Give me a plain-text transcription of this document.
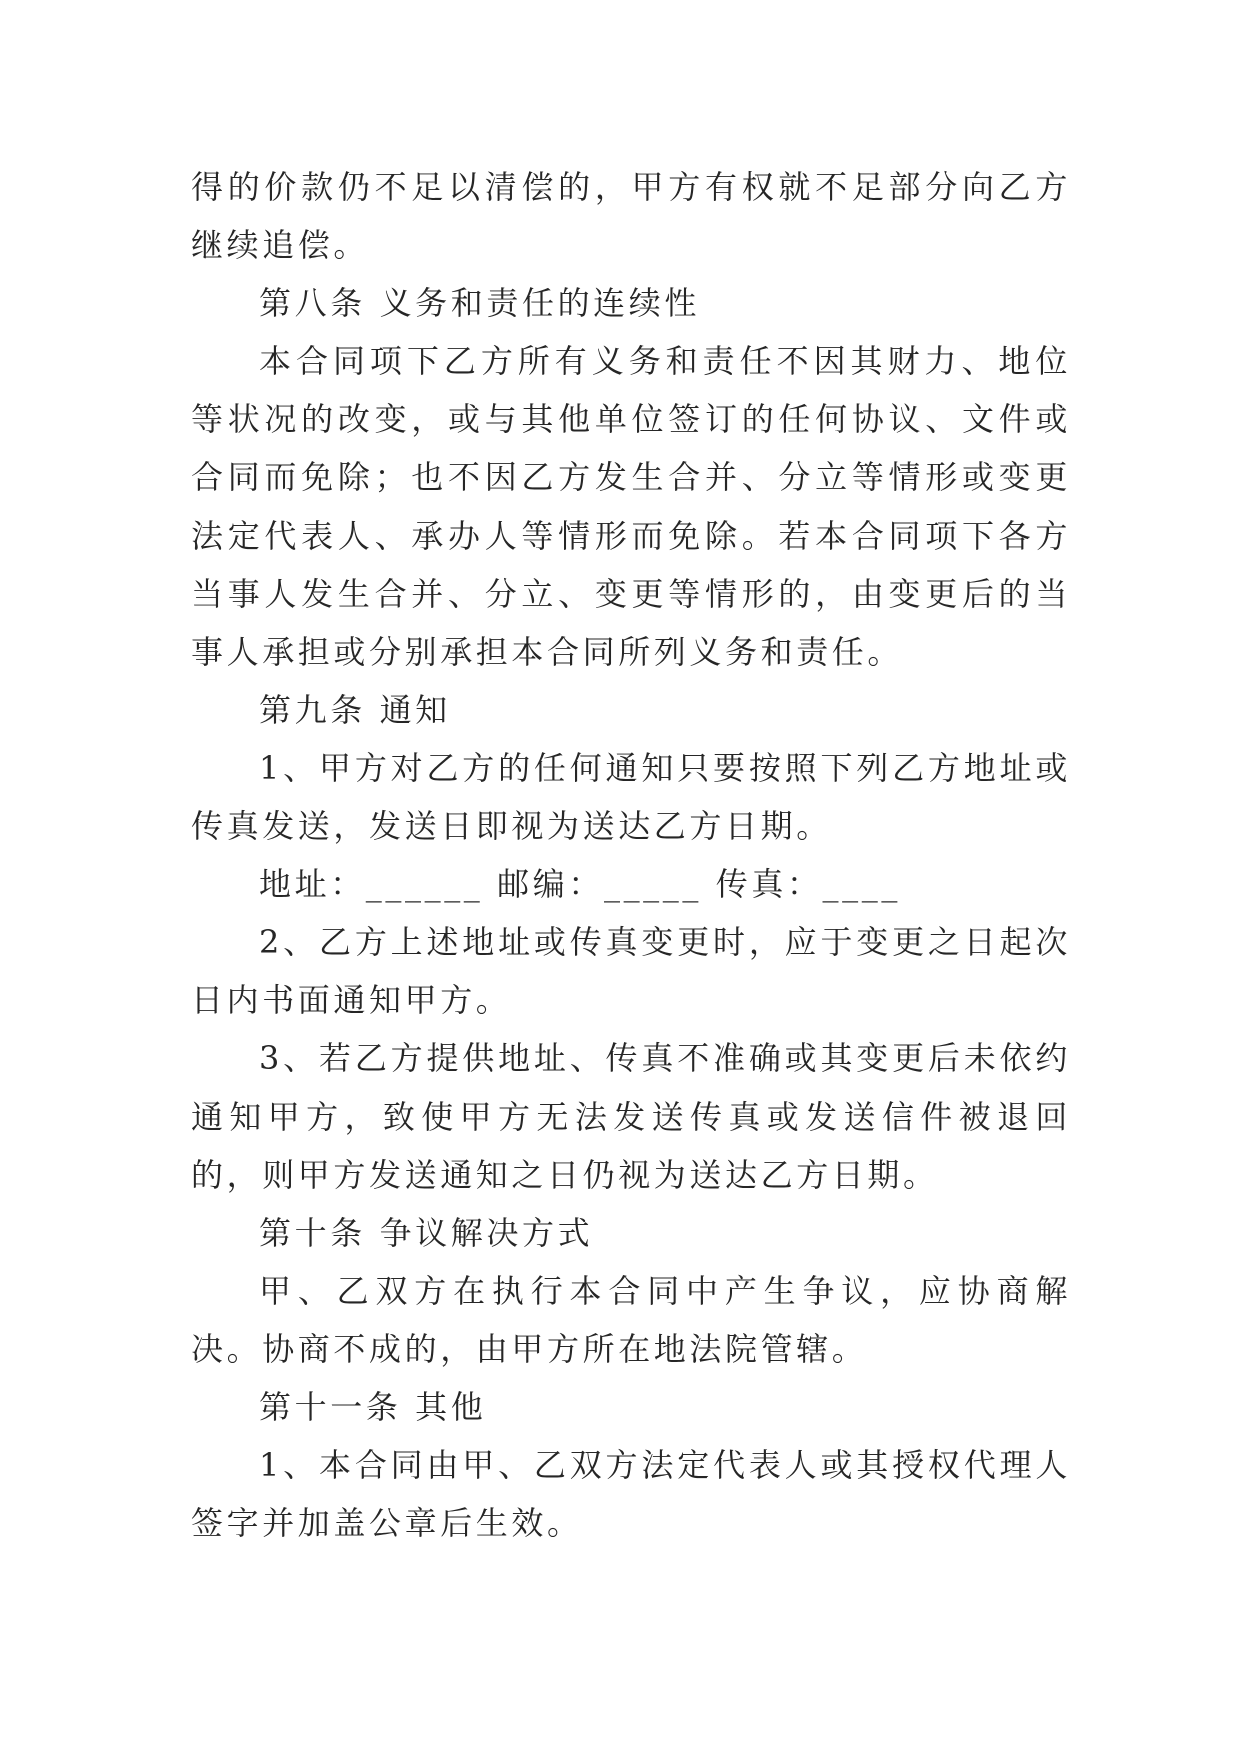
得的价款仍不足以清偿的，甲方有权就不足部分向乙方继续追偿。

第八条 义务和责任的连续性

本合同项下乙方所有义务和责任不因其财力、地位等状况的改变，或与其他单位签订的任何协议、文件或合同而免除；也不因乙方发生合并、分立等情形或变更法定代表人、承办人等情形而免除。若本合同项下各方当事人发生合并、分立、变更等情形的，由变更后的当事人承担或分别承担本合同所列义务和责任。

第九条 通知

1、甲方对乙方的任何通知只要按照下列乙方地址或传真发送，发送日即视为送达乙方日期。

地址：______ 邮编：_____ 传真：____

2、乙方上述地址或传真变更时，应于变更之日起次日内书面通知甲方。

3、若乙方提供地址、传真不准确或其变更后未依约通知甲方，致使甲方无法发送传真或发送信件被退回的，则甲方发送通知之日仍视为送达乙方日期。

第十条 争议解决方式

甲、乙双方在执行本合同中产生争议，应协商解决。协商不成的，由甲方所在地法院管辖。

第十一条 其他

1、本合同由甲、乙双方法定代表人或其授权代理人签字并加盖公章后生效。
